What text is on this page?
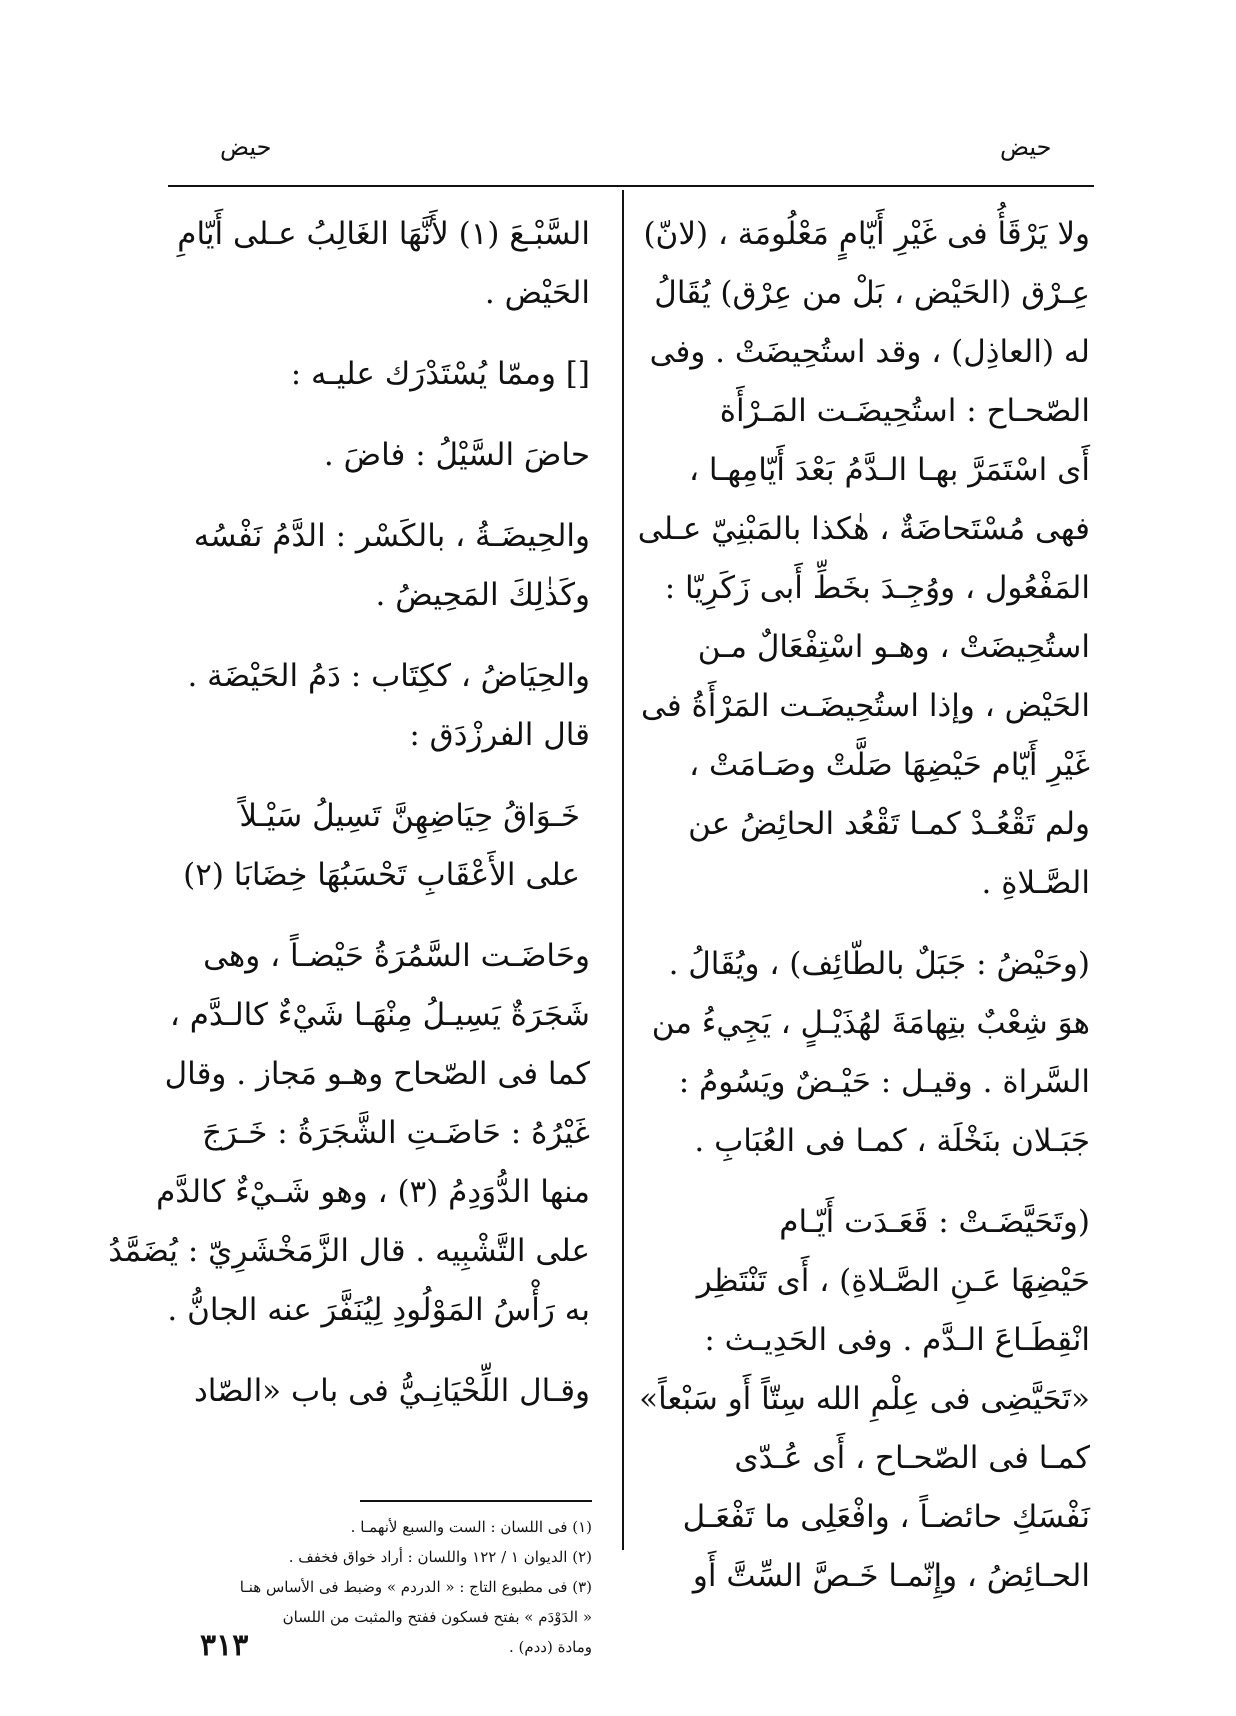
حيض	حيض
ولا يَرْقَأُ فى غَيْرِ أَيّامٍ مَعْلُومَة ، (لانّ)
عِـرْق (الحَيْض ، بَلْ من عِرْق) يُقَالُ
له (العاذِل) ، وقد استُحِيضَتْ . وفى
الصّحـاح : استُحِيضَـت المَـرْأَة
أَى اسْتَمَرَّ بهـا الـدَّمُ بَعْدَ أَيّامِهـا ،
فهى مُسْتَحاضَةٌ ، هٰكذا بالمَبْنِيّ عـلى
المَفْعُول ، ووُجِـدَ بخَطِّ أَبى زَكَرِيّا :
استُحِيضَتْ ، وهـو اسْتِفْعَالٌ مـن
الحَيْض ، وإذا استُحِيضَـت المَرْأَةُ فى
غَيْرِ أَيّام حَيْضِهَا صَلَّتْ وصَـامَتْ ،
ولم تَقْعُـدْ كمـا تَقْعُد الحائِضُ عن
الصَّـلاةِ .
(وحَيْضُ : جَبَلٌ بالطّائِف) ، ويُقَالُ .
هوَ شِعْبٌ بتِهامَةَ لهُذَيْـلٍ ، يَجِيءُ من
السَّراة . وقيـل : حَيْـضٌ ويَسُومُ :
جَبَـلان بنَخْلَة ، كمـا فى العُبَابِ .
(وتَحَيَّضَـتْ : قَعَـدَت أَيّـام
حَيْضِهَا عَـنِ الصَّـلاةِ) ، أَى تَنْتَظِر
انْقِطَـاعَ الـدَّم . وفى الحَدِيـث :
«تَحَيَّضِى فى عِلْمِ الله سِتّاً أَو سَبْعاً»
كمـا فى الصّحـاح ، أَى عُـدّى
نَفْسَكِ حائضـاً ، وافْعَلِى ما تَفْعَـل
الحـائِضُ ، وإِنّمـا خَـصَّ السِّتَّ أَو
السَّبْـعَ (١) لأَنَّهَا الغَالِبُ عـلى أَيّامِ
الحَيْض .
[] وممّا يُسْتَدْرَك عليـه :
حاضَ السَّيْلُ : فاضَ .
والحِيضَـةُ ، بالكَسْر : الدَّمُ نَفْسُه
وكَذٰلِكَ المَحِيضُ .
والحِيَاضُ ، ككِتَاب : دَمُ الحَيْضَة .
قال الفرزْدَق :
خَـوَاقُ حِيَاضِهِنَّ تَسِيلُ سَيْـلاً
على الأَعْقَابِ تَحْسَبُهَا خِضَابَا (٢)
وحَاضَـت السَّمُرَةُ حَيْضـاً ، وهى
شَجَرَةٌ يَسِيـلُ مِنْهَـا شَيْءٌ كالـدَّم ،
كما فى الصّحاح وهـو مَجاز . وقال
غَيْرُهُ : حَاضَـتِ الشَّجَرَةُ : خَـرَجَ
منها الدُّوَدِمُ (٣) ، وهو شَـيْءٌ كالدَّم
على التَّشْبِيه . قال الزَّمَخْشَرِيّ : يُضَمَّدُ
به رَأْسُ المَوْلُودِ لِيُنَفَّرَ عنه الجانُّ .
وقـال اللِّحْيَانِـيُّ فى باب «الصّاد
(١) فى اللسان : الست والسبع لأنهمـا .
(٢) الديوان ١ / ١٢٢ واللسان : أراد خواق فخفف .
(٣) فى مطبوع التاج : « الدردم » وضبط فى الأساس هنـا
« الدَوْدَم » بفتح فسكون ففتح والمثبت من اللسان
ومادة (ددم) .
٣١٣
